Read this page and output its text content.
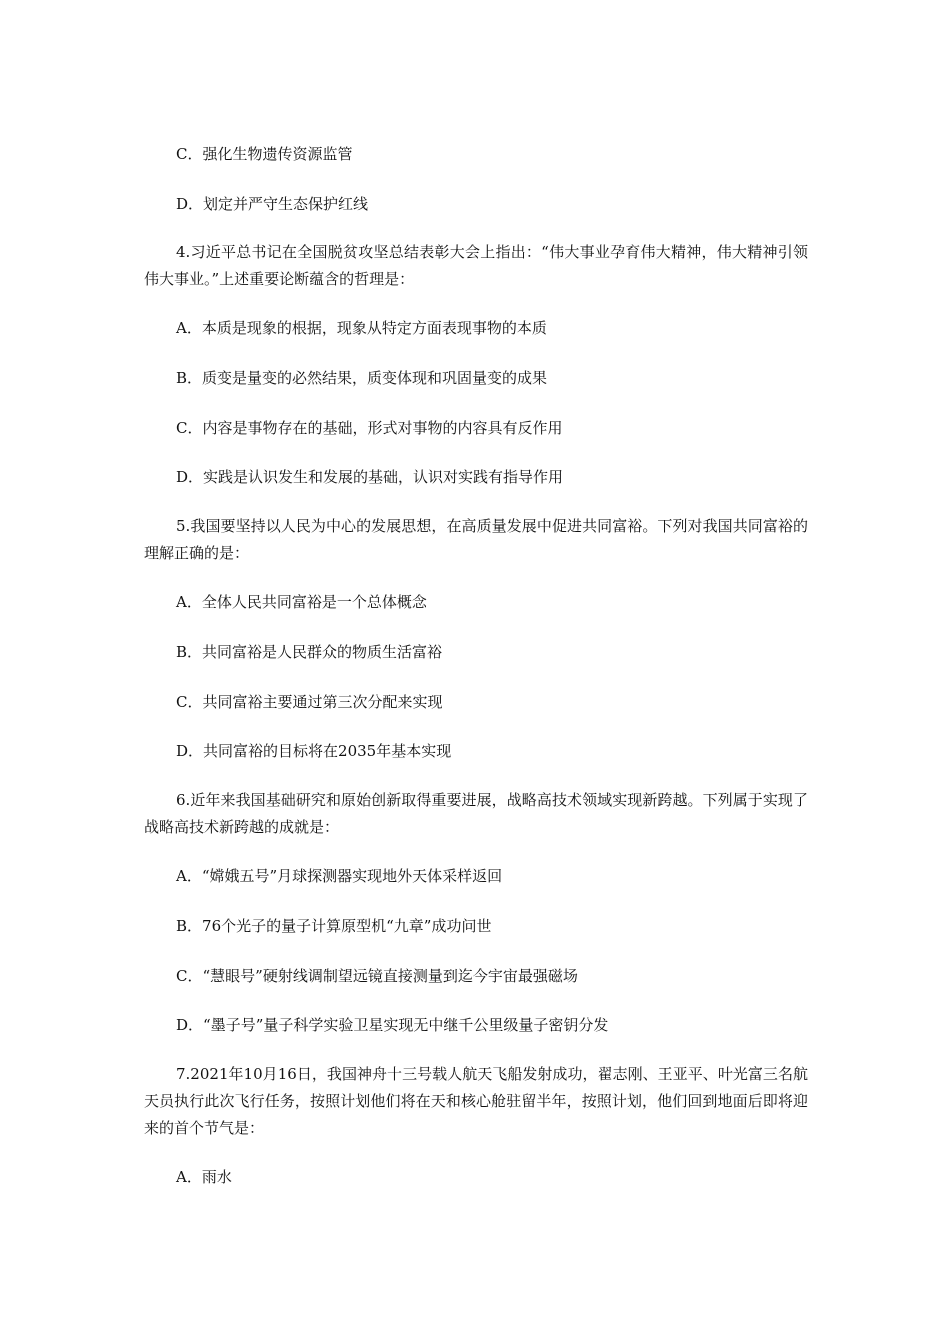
C．强化生物遗传资源监管
D．划定并严守生态保护红线
4.习近平总书记在全国脱贫攻坚总结表彰大会上指出：“伟大事业孕育伟大精神，伟大精神引领伟大事业。”上述重要论断蕴含的哲理是：
A．本质是现象的根据，现象从特定方面表现事物的本质
B．质变是量变的必然结果，质变体现和巩固量变的成果
C．内容是事物存在的基础，形式对事物的内容具有反作用
D．实践是认识发生和发展的基础，认识对实践有指导作用
5.我国要坚持以人民为中心的发展思想，在高质量发展中促进共同富裕。下列对我国共同富裕的理解正确的是：
A．全体人民共同富裕是一个总体概念
B．共同富裕是人民群众的物质生活富裕
C．共同富裕主要通过第三次分配来实现
D．共同富裕的目标将在2035年基本实现
6.近年来我国基础研究和原始创新取得重要进展，战略高技术领域实现新跨越。下列属于实现了战略高技术新跨越的成就是：
A．“嫦娥五号”月球探测器实现地外天体采样返回
B．76个光子的量子计算原型机“九章”成功问世
C．“慧眼号”硬射线调制望远镜直接测量到迄今宇宙最强磁场
D．“墨子号”量子科学实验卫星实现无中继千公里级量子密钥分发
7.2021年10月16日，我国神舟十三号载人航天飞船发射成功，翟志刚、王亚平、叶光富三名航天员执行此次飞行任务，按照计划他们将在天和核心舱驻留半年，按照计划，他们回到地面后即将迎来的首个节气是：
A．雨水
